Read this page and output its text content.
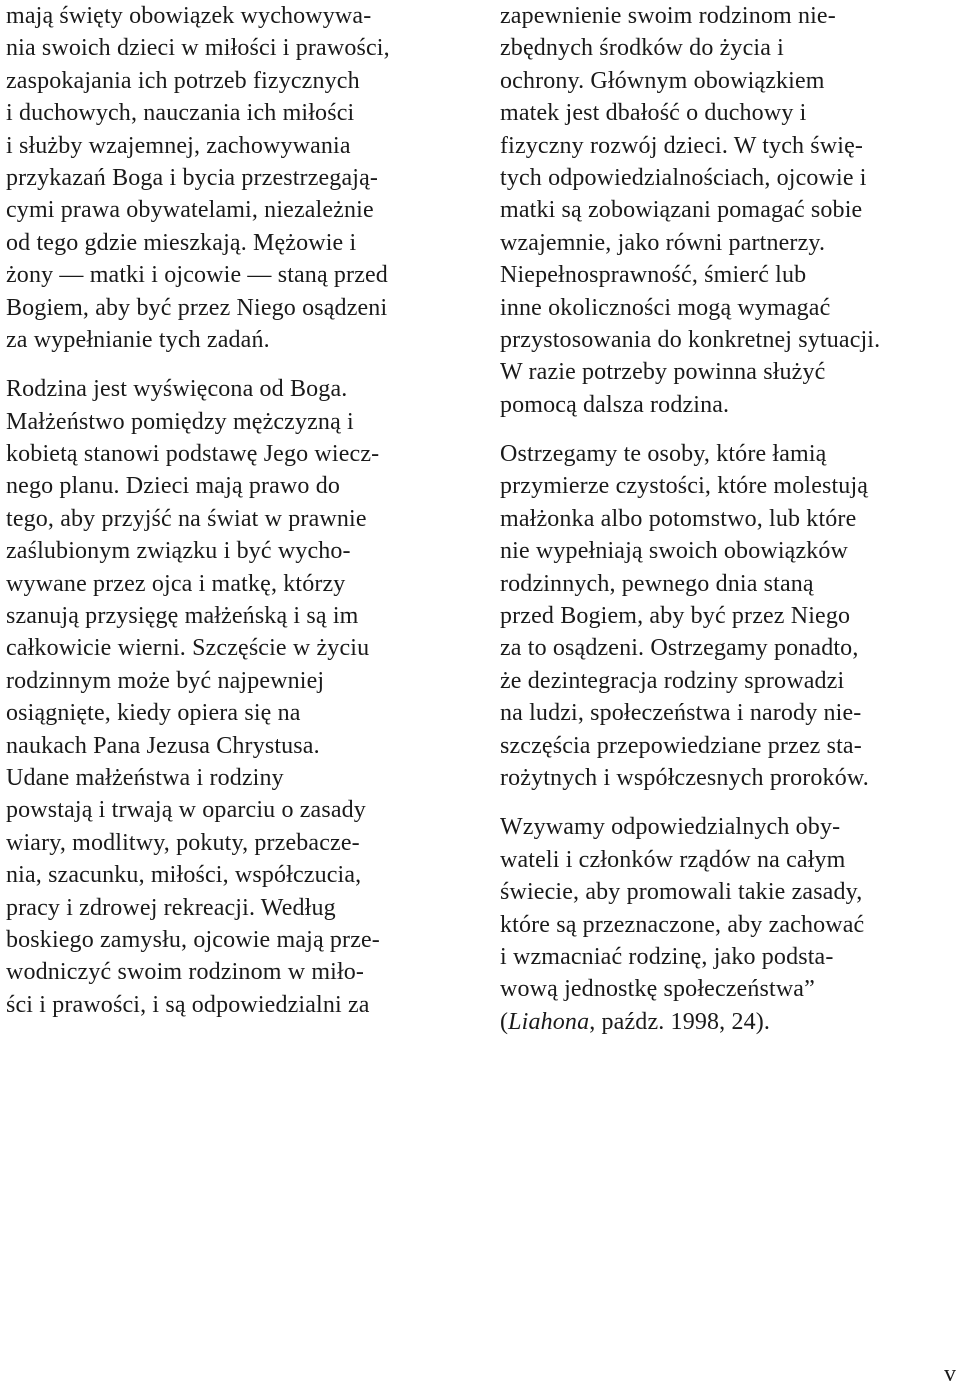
mają święty obowiązek wychowywa-
nia swoich dzieci w miłości i prawości,
zaspokajania ich potrzeb fizycznych
i duchowych, nauczania ich miłości
i służby wzajemnej, zachowywania
przykazań Boga i bycia przestrzegają-
cymi prawa obywatelami, niezależnie
od tego gdzie mieszkają. Mężowie i
żony — matki i ojcowie — staną przed
Bogiem, aby być przez Niego osądzeni
za wypełnianie tych zadań.
Rodzina jest wyświęcona od Boga.
Małżeństwo pomiędzy mężczyzną i
kobietą stanowi podstawę Jego wiecz-
nego planu. Dzieci mają prawo do
tego, aby przyjść na świat w prawnie
zaślubionym związku i być wycho-
wywane przez ojca i matkę, którzy
szanują przysięgę małżeńską i są im
całkowicie wierni. Szczęście w życiu
rodzinnym może być najpewniej
osiągnięte, kiedy opiera się na
naukach Pana Jezusa Chrystusa.
Udane małżeństwa i rodziny
powstają i trwają w oparciu o zasady
wiary, modlitwy, pokuty, przebacze-
nia, szacunku, miłości, współczucia,
pracy i zdrowej rekreacji. Według
boskiego zamysłu, ojcowie mają prze-
wodniczyć swoim rodzinom w miło-
ści i prawości, i są odpowiedzialni za
zapewnienie swoim rodzinom nie-
zbędnych środków do życia i
ochrony. Głównym obowiązkiem
matek jest dbałość o duchowy i
fizyczny rozwój dzieci. W tych świę-
tych odpowiedzialnościach, ojcowie i
matki są zobowiązani pomagać sobie
wzajemnie, jako równi partnerzy.
Niepełnosprawność, śmierć lub
inne okoliczności mogą wymagać
przystosowania do konkretnej sytuacji.
W razie potrzeby powinna służyć
pomocą dalsza rodzina.
Ostrzegamy te osoby, które łamią
przymierze czystości, które molestują
małżonka albo potomstwo, lub które
nie wypełniają swoich obowiązków
rodzinnych, pewnego dnia staną
przed Bogiem, aby być przez Niego
za to osądzeni. Ostrzegamy ponadto,
że dezintegracja rodziny sprowadzi
na ludzi, społeczeństwa i narody nie-
szczęścia przepowiedziane przez sta-
rożytnych i współczesnych proroków.
Wzywamy odpowiedzialnych oby-
wateli i członków rządów na całym
świecie, aby promowali takie zasady,
które są przeznaczone, aby zachować
i wzmacniać rodzinę, jako podsta-
wową jednostkę społeczeństwa”
(Liahona, paźdz. 1998, 24).
v
